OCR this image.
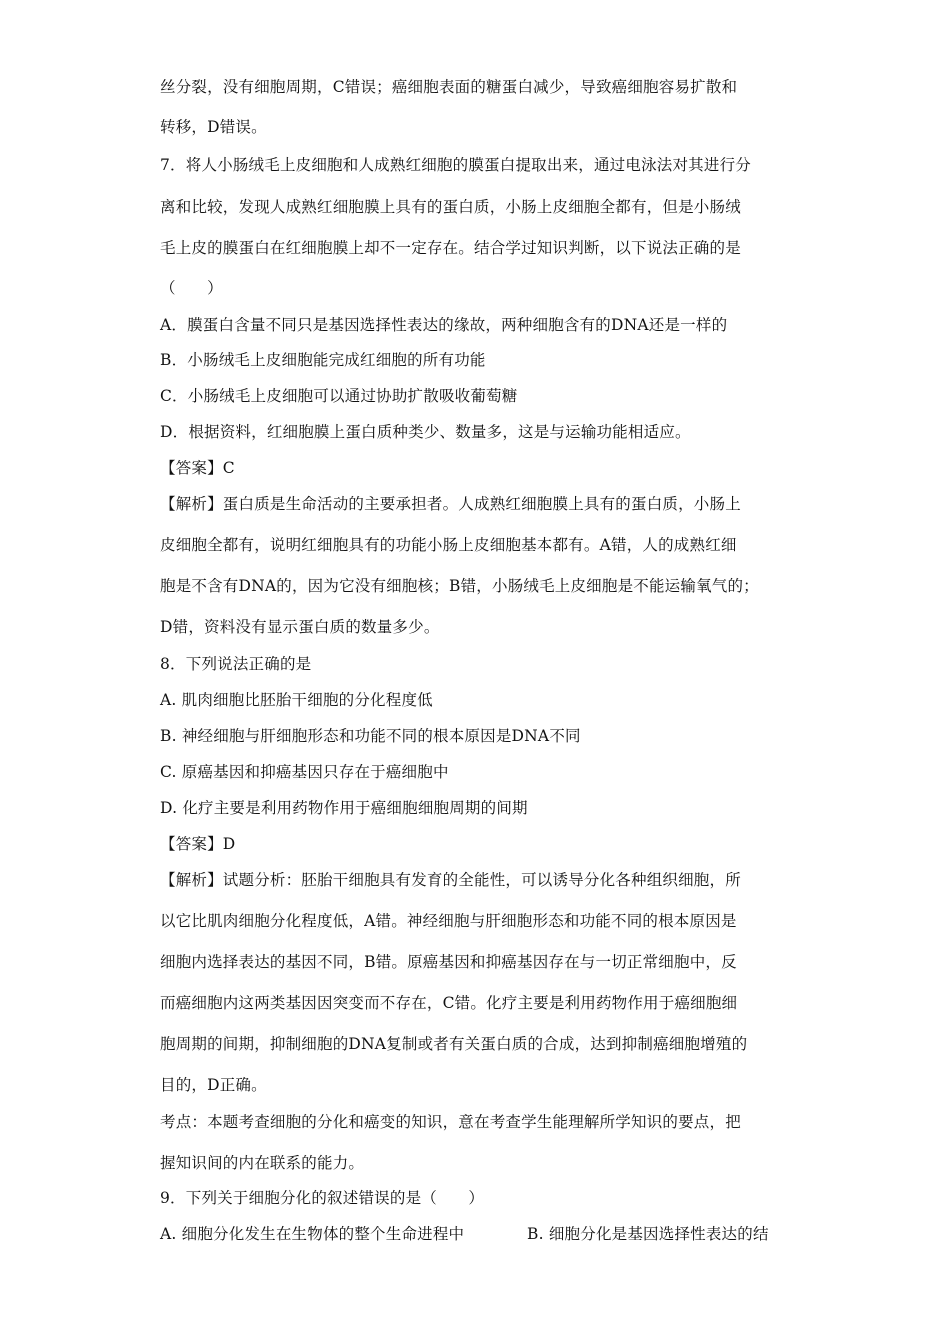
丝分裂，没有细胞周期，C错误；癌细胞表面的糖蛋白减少，导致癌细胞容易扩散和
转移，D错误。
7．将人小肠绒毛上皮细胞和人成熟红细胞的膜蛋白提取出来，通过电泳法对其进行分
离和比较，发现人成熟红细胞膜上具有的蛋白质，小肠上皮细胞全都有，但是小肠绒
毛上皮的膜蛋白在红细胞膜上却不一定存在。结合学过知识判断，以下说法正确的是
（　　）
A．膜蛋白含量不同只是基因选择性表达的缘故，两种细胞含有的DNA还是一样的
B．小肠绒毛上皮细胞能完成红细胞的所有功能
C．小肠绒毛上皮细胞可以通过协助扩散吸收葡萄糖
D．根据资料，红细胞膜上蛋白质种类少、数量多，这是与运输功能相适应。
【答案】C
【解析】蛋白质是生命活动的主要承担者。人成熟红细胞膜上具有的蛋白质，小肠上
皮细胞全都有，说明红细胞具有的功能小肠上皮细胞基本都有。A错，人的成熟红细
胞是不含有DNA的，因为它没有细胞核；B错，小肠绒毛上皮细胞是不能运输氧气的；
D错，资料没有显示蛋白质的数量多少。
8．下列说法正确的是
A. 肌肉细胞比胚胎干细胞的分化程度低
B. 神经细胞与肝细胞形态和功能不同的根本原因是DNA不同
C. 原癌基因和抑癌基因只存在于癌细胞中
D. 化疗主要是利用药物作用于癌细胞细胞周期的间期
【答案】D
【解析】试题分析：胚胎干细胞具有发育的全能性，可以诱导分化各种组织细胞，所
以它比肌肉细胞分化程度低，A错。神经细胞与肝细胞形态和功能不同的根本原因是
细胞内选择表达的基因不同，B错。原癌基因和抑癌基因存在与一切正常细胞中，反
而癌细胞内这两类基因因突变而不存在，C错。化疗主要是利用药物作用于癌细胞细
胞周期的间期，抑制细胞的DNA复制或者有关蛋白质的合成，达到抑制癌细胞增殖的
目的，D正确。
考点：本题考查细胞的分化和癌变的知识，意在考查学生能理解所学知识的要点，把
握知识间的内在联系的能力。
9．下列关于细胞分化的叙述错误的是（　　）
A. 细胞分化发生在生物体的整个生命进程中	B. 细胞分化是基因选择性表达的结
